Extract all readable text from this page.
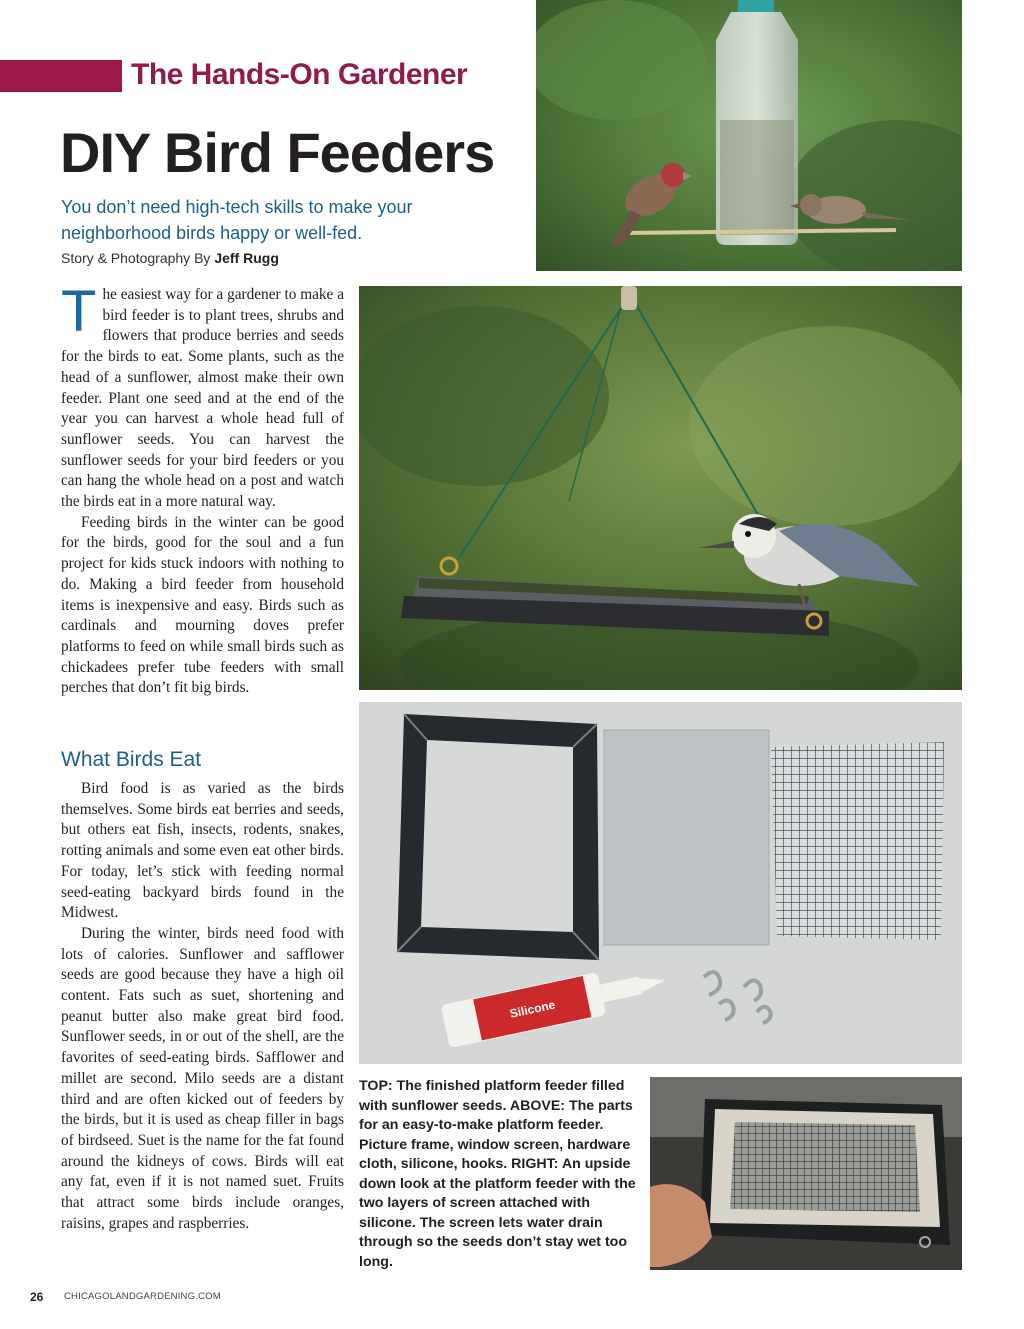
The Hands-On Gardener
DIY Bird Feeders
You don’t need high-tech skills to make your neighborhood birds happy or well-fed.
Story & Photography By Jeff Rugg

The easiest way for a gardener to make a bird feeder is to plant trees, shrubs and flowers that produce berries and seeds for the birds to eat. Some plants, such as the head of a sunflower, almost make their own feeder. Plant one seed and at the end of the year you can harvest a whole head full of sunflower seeds. You can harvest the sunflower seeds for your bird feeders or you can hang the whole head on a post and watch the birds eat in a more natural way.

Feeding birds in the winter can be good for the birds, good for the soul and a fun project for kids stuck indoors with nothing to do. Making a bird feeder from household items is inexpensive and easy. Birds such as cardinals and mourning doves prefer platforms to feed on while small birds such as chickadees prefer tube feeders with small perches that don’t fit big birds.

What Birds Eat

Bird food is as varied as the birds themselves. Some birds eat berries and seeds, but others eat fish, insects, rodents, snakes, rotting animals and some even eat other birds. For today, let’s stick with feeding normal seed-eating backyard birds found in the Midwest.

During the winter, birds need food with lots of calories. Sunflower and safflower seeds are good because they have a high oil content. Fats such as suet, shortening and peanut butter also make great bird food. Sunflower seeds, in or out of the shell, are the favorites of seed-eating birds. Safflower and millet are second. Milo seeds are a distant third and are often kicked out of feeders by the birds, but it is used as cheap filler in bags of birdseed. Suet is the name for the fat found around the kidneys of cows. Birds will eat any fat, even if it is not named suet. Fruits that attract some birds include oranges, raisins, grapes and raspberries.

Silicone
TOP: The finished platform feeder filled with sunflower seeds. ABOVE: The parts for an easy-to-make platform feeder. Picture frame, window screen, hardware cloth, silicone, hooks. RIGHT: An upside down look at the platform feeder with the two layers of screen attached with silicone. The screen lets water drain through so the seeds don’t stay wet too long.
26 CHICAGOLANDGARDENING.COM
